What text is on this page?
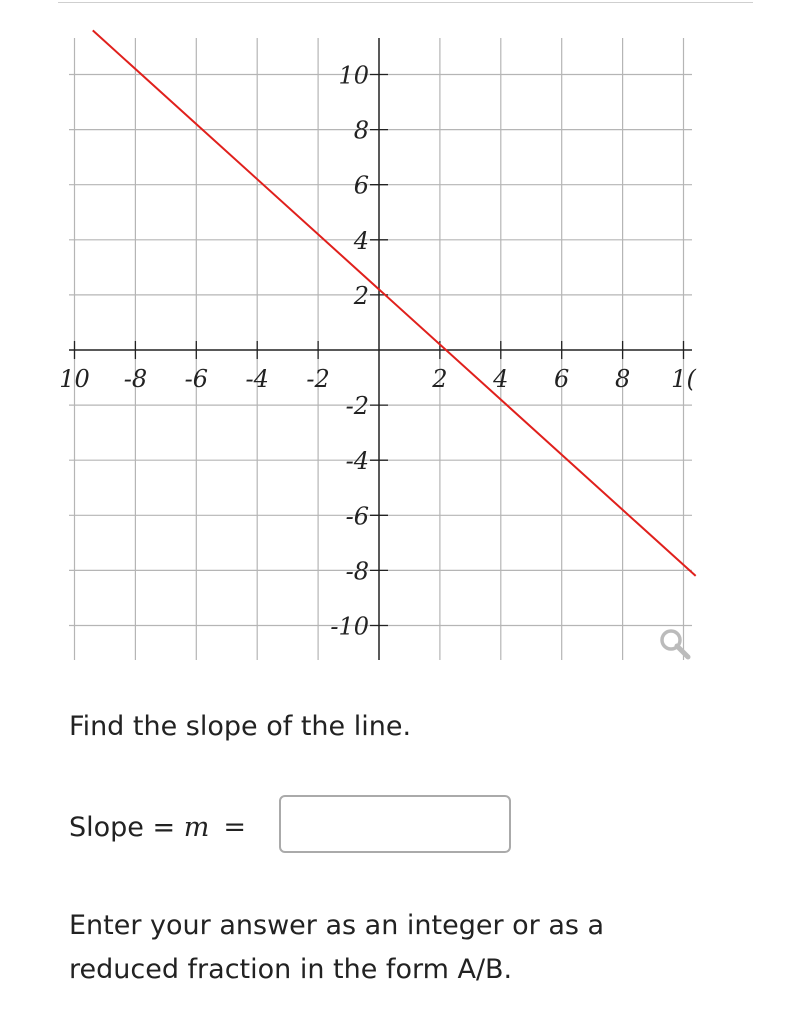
10 -8 -6 -4 -2	2 4 6 8 1(
10
8
6
4
2
-2
-4
-6
-8
-10
Find the slope of the line.
Slope = m =
Enter your answer as an integer or as a reduced fraction in the form A/B.
